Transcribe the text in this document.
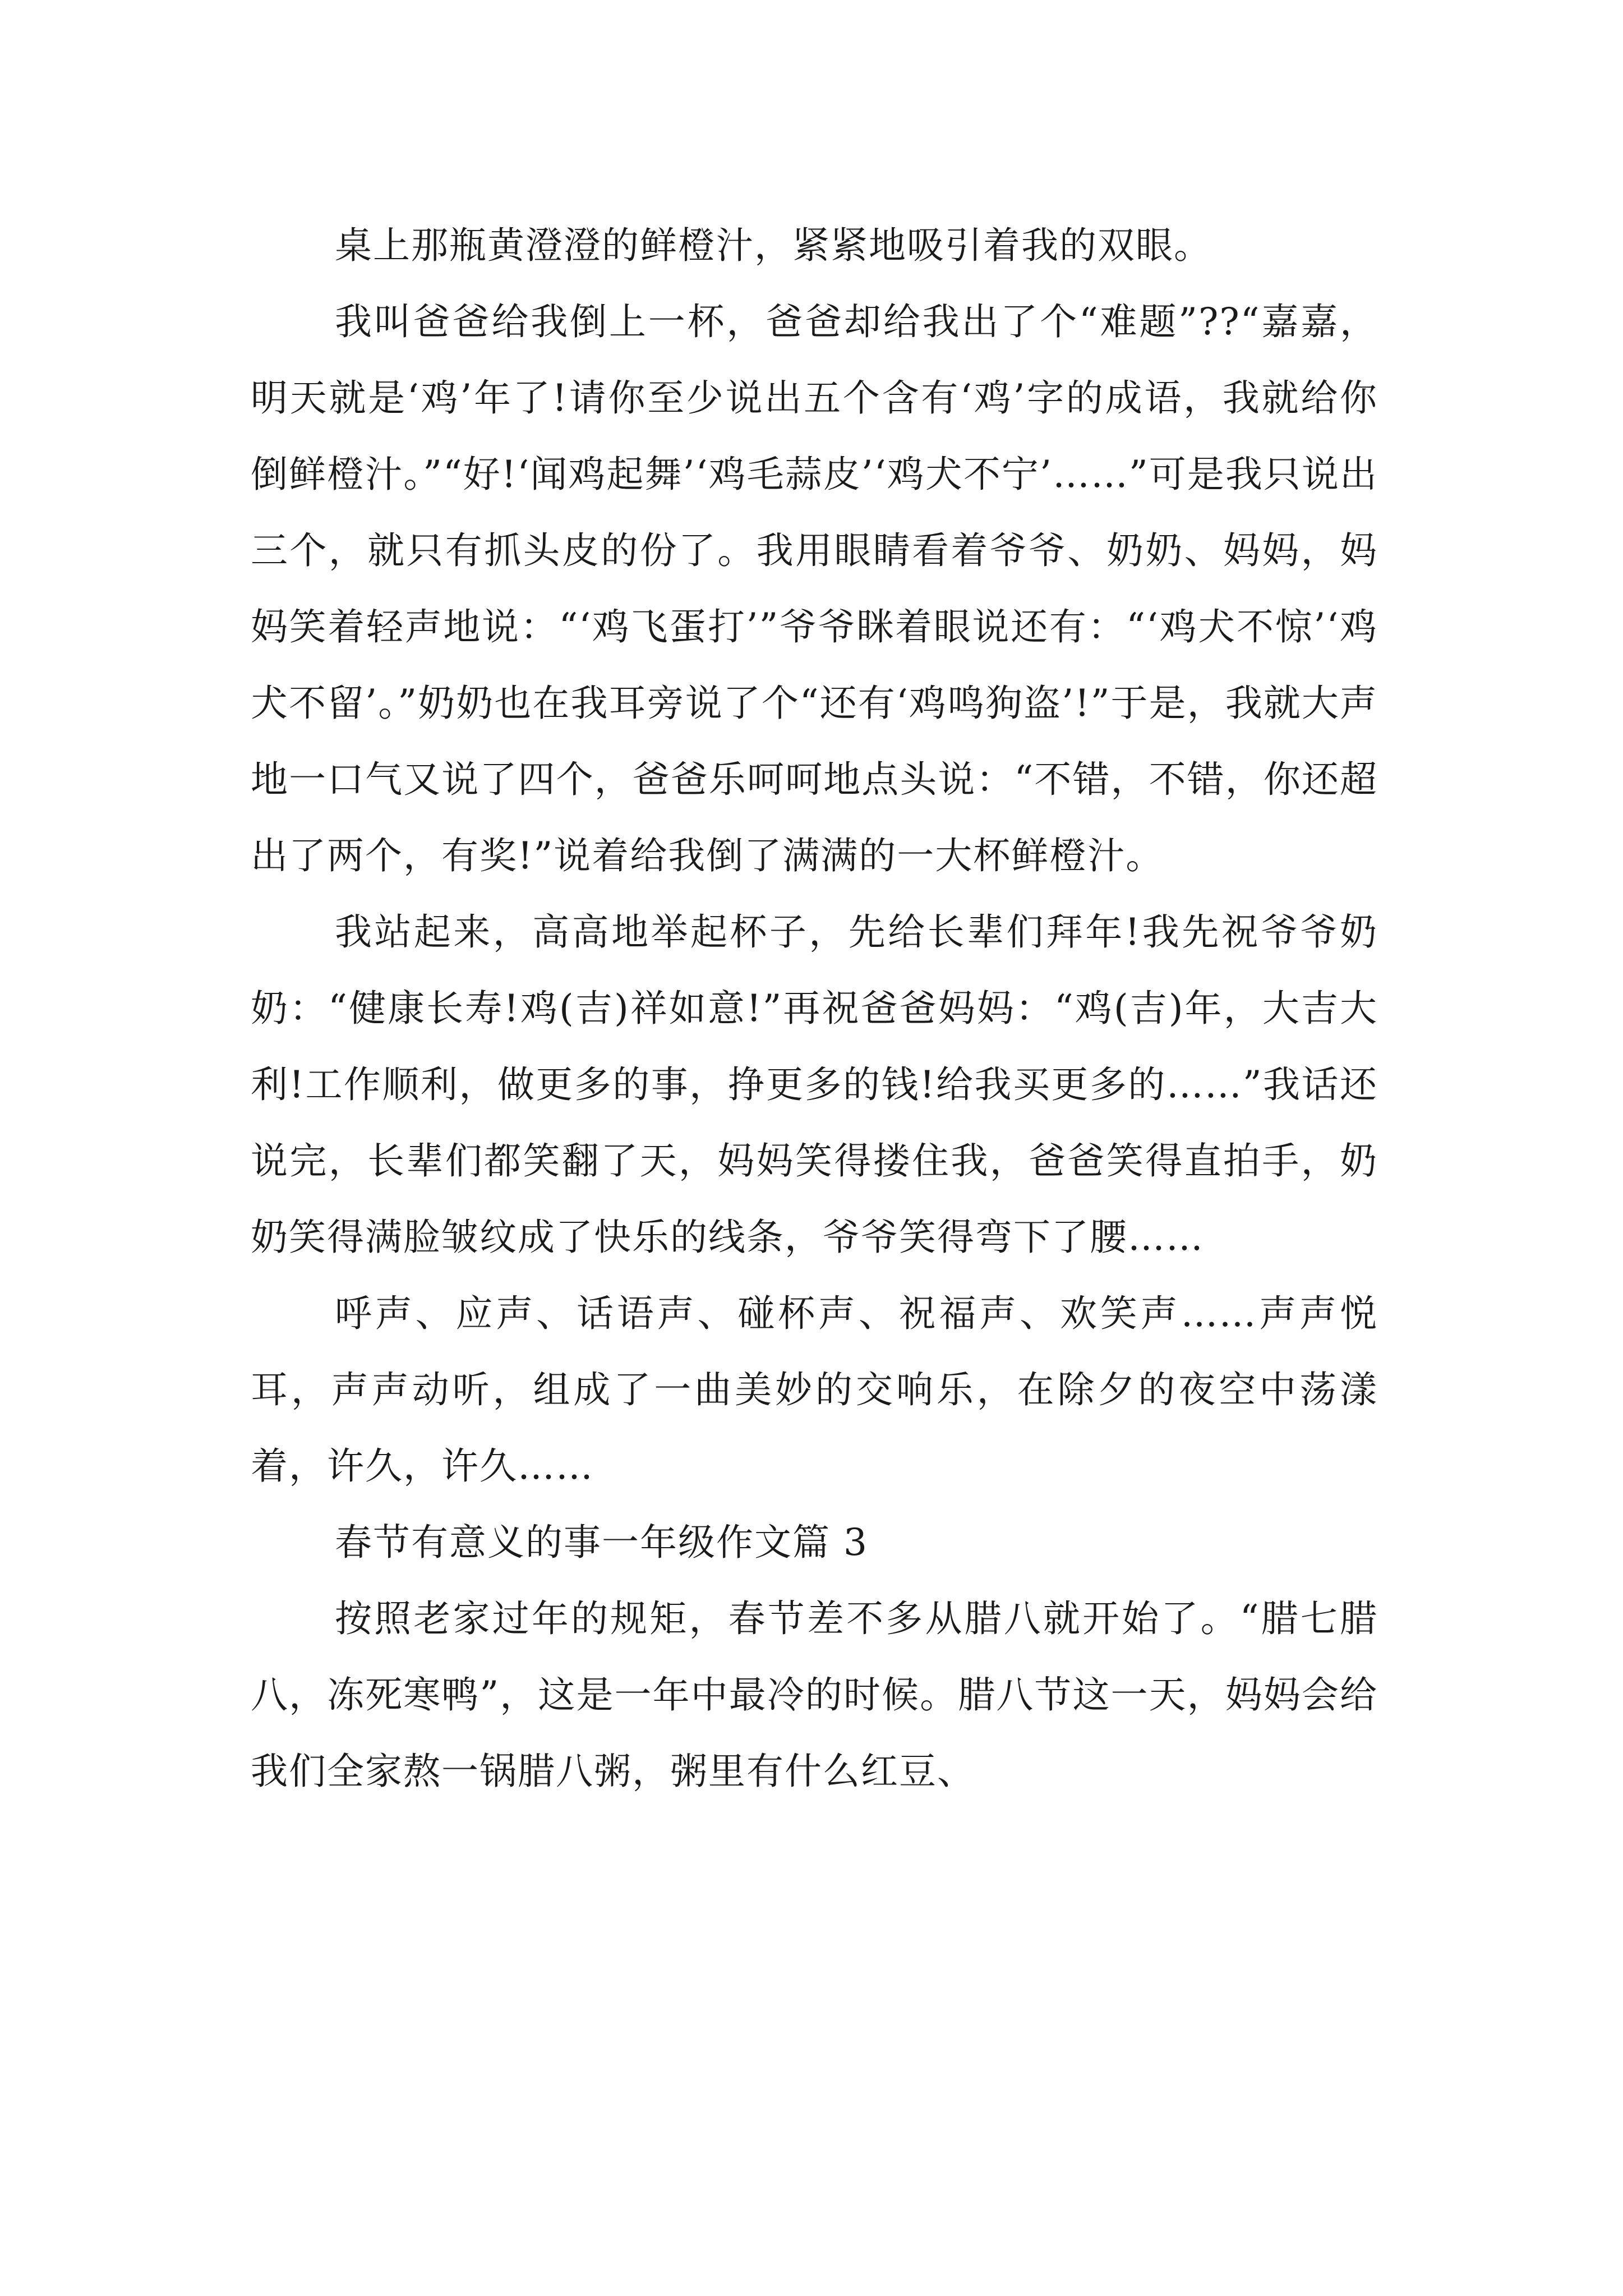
桌上那瓶黄澄澄的鲜橙汁，紧紧地吸引着我的双眼。

我叫爸爸给我倒上一杯，爸爸却给我出了个“难题”??“嘉嘉，明天就是‘鸡’年了!请你至少说出五个含有‘鸡’字的成语，我就给你倒鲜橙汁。”“好!‘闻鸡起舞’‘鸡毛蒜皮’‘鸡犬不宁’……”可是我只说出三个，就只有抓头皮的份了。我用眼睛看着爷爷、奶奶、妈妈，妈妈笑着轻声地说：“‘鸡飞蛋打’”爷爷眯着眼说还有：“‘鸡犬不惊’‘鸡犬不留’。”奶奶也在我耳旁说了个“还有‘鸡鸣狗盗’!”于是，我就大声地一口气又说了四个，爸爸乐呵呵地点头说：“不错，不错，你还超出了两个，有奖!”说着给我倒了满满的一大杯鲜橙汁。

我站起来，高高地举起杯子，先给长辈们拜年!我先祝爷爷奶奶：“健康长寿!鸡(吉)祥如意!”再祝爸爸妈妈：“鸡(吉)年，大吉大利!工作顺利，做更多的事，挣更多的钱!给我买更多的……”我话还说完，长辈们都笑翻了天，妈妈笑得搂住我，爸爸笑得直拍手，奶奶笑得满脸皱纹成了快乐的线条，爷爷笑得弯下了腰……

呼声、应声、话语声、碰杯声、祝福声、欢笑声……声声悦耳，声声动听，组成了一曲美妙的交响乐，在除夕的夜空中荡漾着，许久，许久……

春节有意义的事一年级作文篇 3

按照老家过年的规矩，春节差不多从腊八就开始了。“腊七腊八，冻死寒鸭”，这是一年中最冷的时候。腊八节这一天，妈妈会给我们全家熬一锅腊八粥，粥里有什么红豆、
